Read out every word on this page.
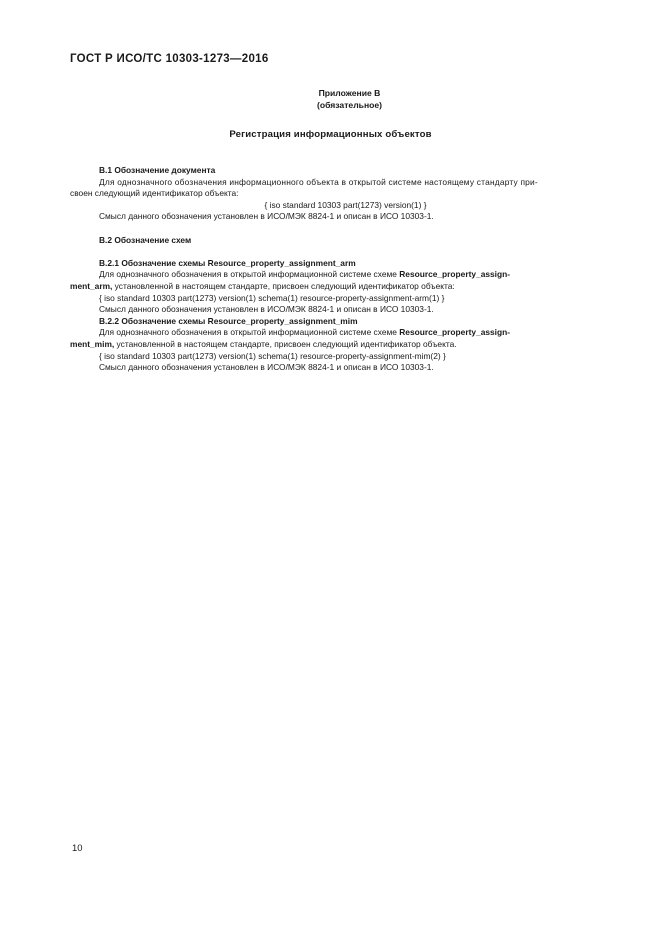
ГОСТ Р ИСО/ТС 10303-1273—2016
Приложение В
(обязательное)
Регистрация информационных объектов

B.1 Обозначение документа

Для однозначного обозначения информационного объекта в открытой системе настоящему стандарту при-

своен следующий идентификатор объекта:

{ iso standard 10303 part(1273) version(1) }

Смысл данного обозначения установлен в ИСО/МЭК 8824-1 и описан в ИСО 10303-1.

B.2 Обозначение схем

B.2.1 Обозначение схемы Resource_property_assignment_arm

Для однозначного обозначения в открытой информационной системе схеме Resource_property_assign-

ment_arm, установленной в настоящем стандарте, присвоен следующий идентификатор объекта:

{ iso standard 10303 part(1273) version(1) schema(1) resource-property-assignment-arm(1) }

Смысл данного обозначения установлен в ИСО/МЭК 8824-1 и описан в ИСО 10303-1.

B.2.2 Обозначение схемы Resource_property_assignment_mim

Для однозначного обозначения в открытой информационной системе схеме Resource_property_assign-

ment_mim, установленной в настоящем стандарте, присвоен следующий идентификатор объекта.

{ iso standard 10303 part(1273) version(1) schema(1) resource-property-assignment-mim(2) }

Смысл данного обозначения установлен в ИСО/МЭК 8824-1 и описан в ИСО 10303-1.

10
